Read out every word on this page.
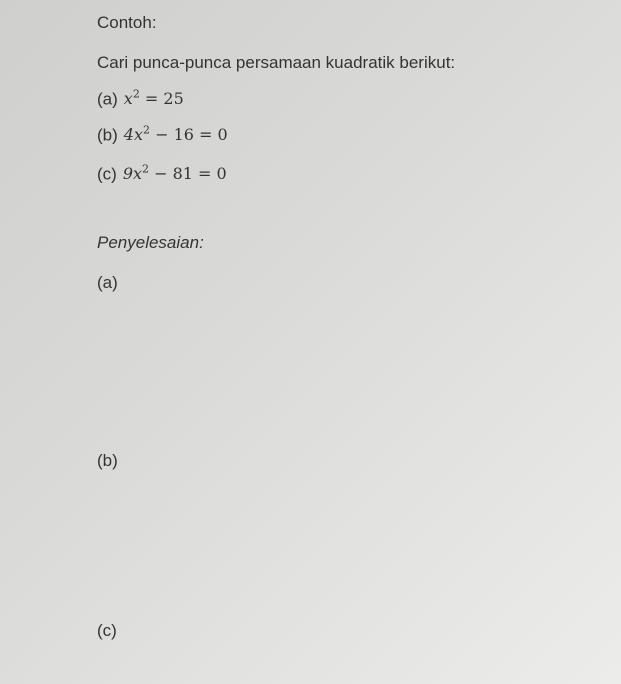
Contoh:
Cari punca-punca persamaan kuadratik berikut:
(a) $x^2 = 25$
(b) $4x^2 - 16 = 0$
(c) $9x^2 - 81 = 0$
Penyelesaian:
(a)
(b)
(c)
